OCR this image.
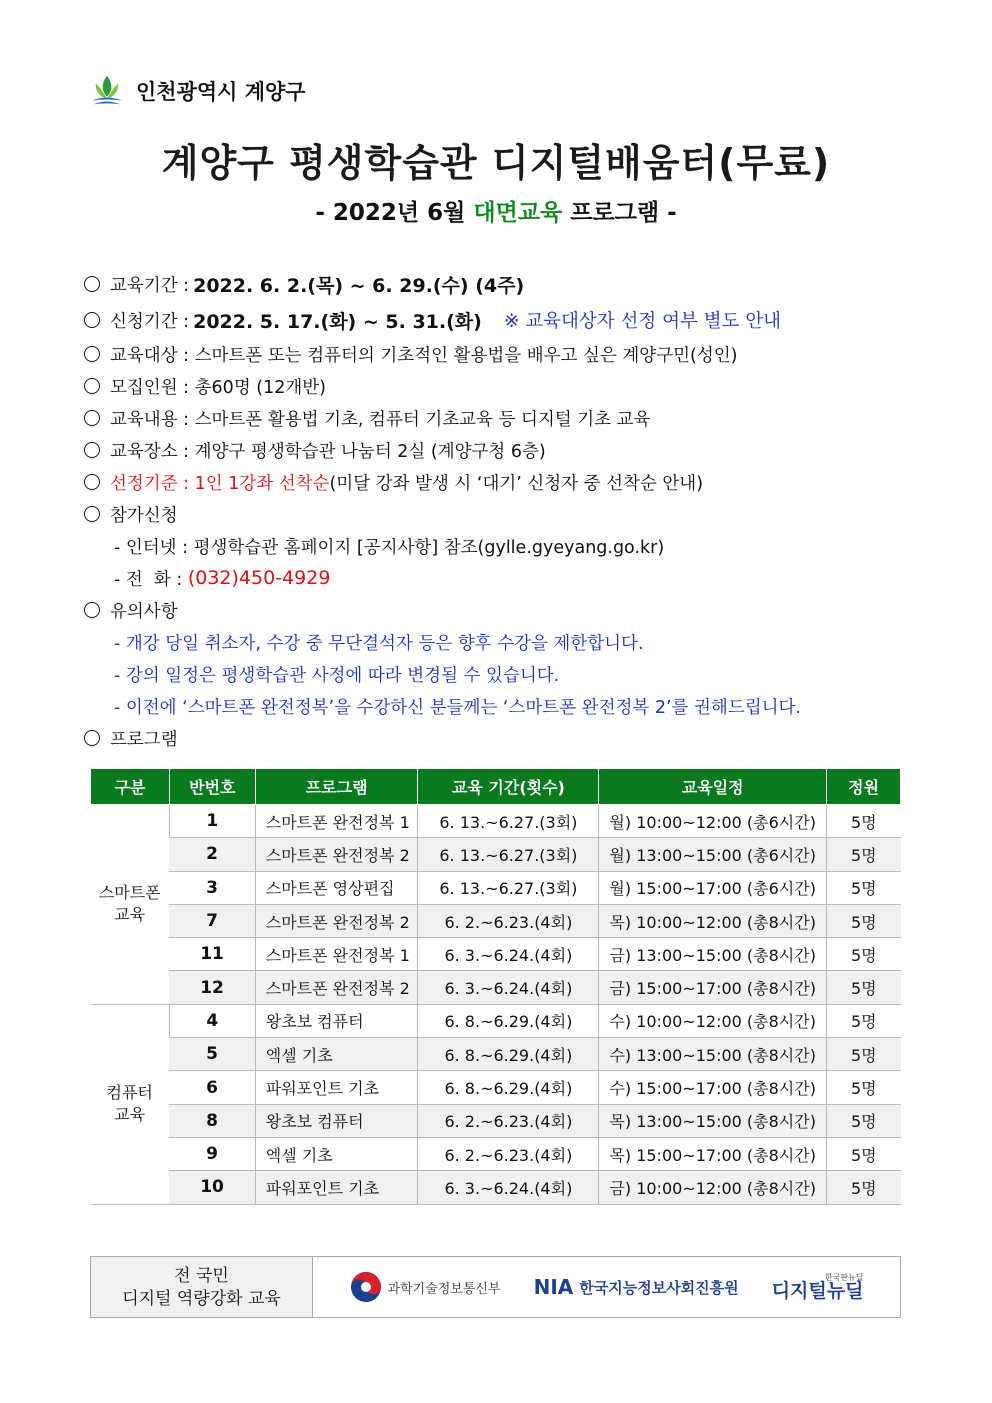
인천광역시 계양구
계양구 평생학습관 디지털배움터(무료)
- 2022년 6월 대면교육 프로그램 -
교육기간 : 2022. 6. 2.(목) ~ 6. 29.(수) (4주)
신청기간 : 2022. 5. 17.(화) ~ 5. 31.(화) ※ 교육대상자 선정 여부 별도 안내
교육대상 : 스마트폰 또는 컴퓨터의 기초적인 활용법을 배우고 싶은 계양구민(성인)
모집인원 : 총60명 (12개반)
교육내용 : 스마트폰 활용법 기초, 컴퓨터 기초교육 등 디지털 기초 교육
교육장소 : 계양구 평생학습관 나눔터 2실 (계양구청 6층)
선정기준 : 1인 1강좌 선착순 (미달 강좌 발생 시 ‘대기’ 신청자 중 선착순 안내)
참가신청
- 인터넷 : 평생학습관 홈페이지 [공지사항] 참조(gylle.gyeyang.go.kr)
- 전  화 : (032)450-4929
유의사항
- 개강 당일 취소자, 수강 중 무단결석자 등은 향후 수강을 제한합니다.
- 강의 일정은 평생학습관 사정에 따라 변경될 수 있습니다.
- 이전에 ‘스마트폰 완전정복’을 수강하신 분들께는 ‘스마트폰 완전정복 2’를 권해드립니다.
프로그램
구분	반번호	프로그램	교육 기간(횟수)	교육일정	정원
스마트폰
교육	1	스마트폰 완전정복 1	6. 13.~6.27.(3회)	월) 10:00~12:00 (총6시간)	5명
	2	스마트폰 완전정복 2	6. 13.~6.27.(3회)	월) 13:00~15:00 (총6시간)	5명
	3	스마트폰 영상편집	6. 13.~6.27.(3회)	월) 15:00~17:00 (총6시간)	5명
	7	스마트폰 완전정복 2	6. 2.~6.23.(4회)	목) 10:00~12:00 (총8시간)	5명
	11	스마트폰 완전정복 1	6. 3.~6.24.(4회)	금) 13:00~15:00 (총8시간)	5명
	12	스마트폰 완전정복 2	6. 3.~6.24.(4회)	금) 15:00~17:00 (총8시간)	5명
컴퓨터
교육	4	왕초보 컴퓨터	6. 8.~6.29.(4회)	수) 10:00~12:00 (총8시간)	5명
	5	엑셀 기초	6. 8.~6.29.(4회)	수) 13:00~15:00 (총8시간)	5명
	6	파워포인트 기초	6. 8.~6.29.(4회)	수) 15:00~17:00 (총8시간)	5명
	8	왕초보 컴퓨터	6. 2.~6.23.(4회)	목) 13:00~15:00 (총8시간)	5명
	9	엑셀 기초	6. 2.~6.23.(4회)	목) 15:00~17:00 (총8시간)	5명
	10	파워포인트 기초	6. 3.~6.24.(4회)	금) 10:00~12:00 (총8시간)	5명
전 국민
디지털 역량강화 교육	과학기술정보통신부 NIA 한국지능정보사회진흥원
한국판뉴딜
디지털뉴딜
